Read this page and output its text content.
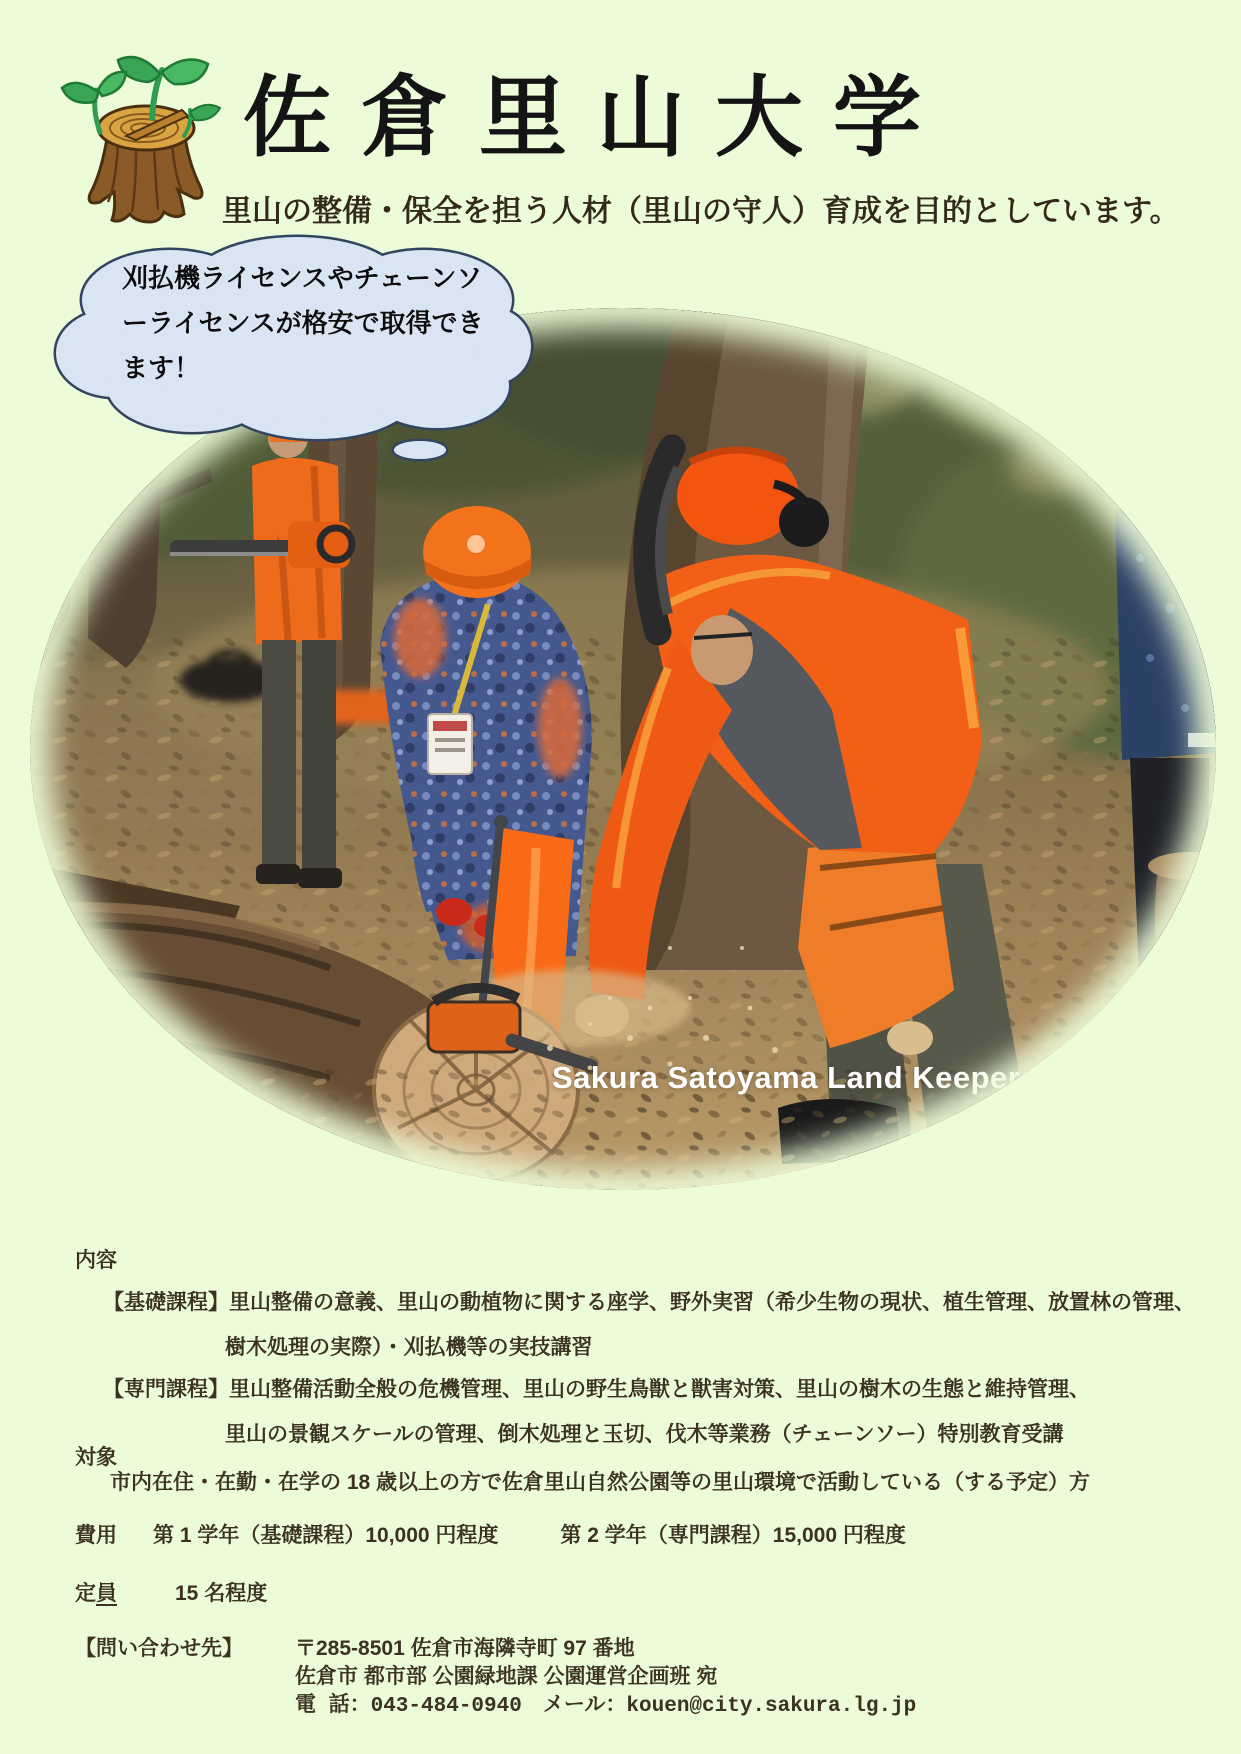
佐倉里山大学
里山の整備・保全を担う人材（里山の守人）育成を目的としています。
Sakura Satoyama Land Keepers
刈払機ライセンスやチェーンソ
ーライセンスが格安で取得でき
ます！
内容
【基礎課程】里山整備の意義、里山の動植物に関する座学、野外実習（希少生物の現状、植生管理、放置林の管理、
樹木処理の実際）・刈払機等の実技講習
【専門課程】里山整備活動全般の危機管理、里山の野生鳥獣と獣害対策、里山の樹木の生態と維持管理、
里山の景観スケールの管理、倒木処理と玉切、伐木等業務（チェーンソー）特別教育受講
対象
市内在住・在勤・在学の 18 歳以上の方で佐倉里山自然公園等の里山環境で活動している（する予定）方
費用 第 1 学年（基礎課程）10,000 円程度	第 2 学年（専門課程）15,000 円程度
定員	15 名程度
【問い合わせ先】 〒285-8501 佐倉市海隣寺町 97 番地
佐倉市 都市部 公園緑地課 公園運営企画班 宛
電 話：043-484-0940　メール：kouen@city.sakura.lg.jp
